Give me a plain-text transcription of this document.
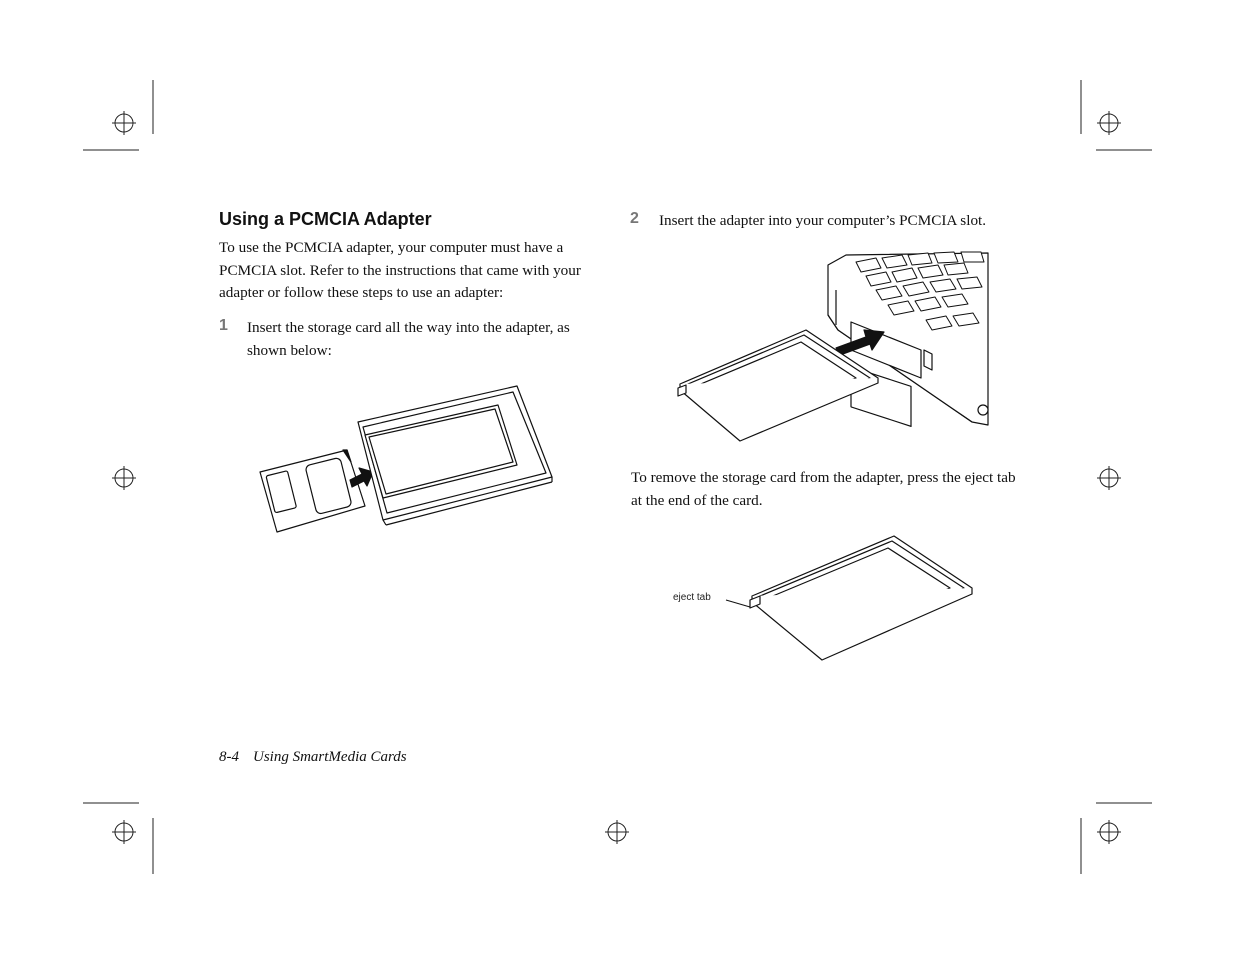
Using a PCMCIA Adapter
To use the PCMCIA adapter, your computer must have a PCMCIA slot. Refer to the instructions that came with your adapter or follow these steps to use an adapter:
1 Insert the storage card all the way into the adapter, as shown below:
2 Insert the adapter into your computer’s PCMCIA slot.
To remove the storage card from the adapter, press the eject tab at the end of the card.
eject tab
8-4 Using SmartMedia Cards
